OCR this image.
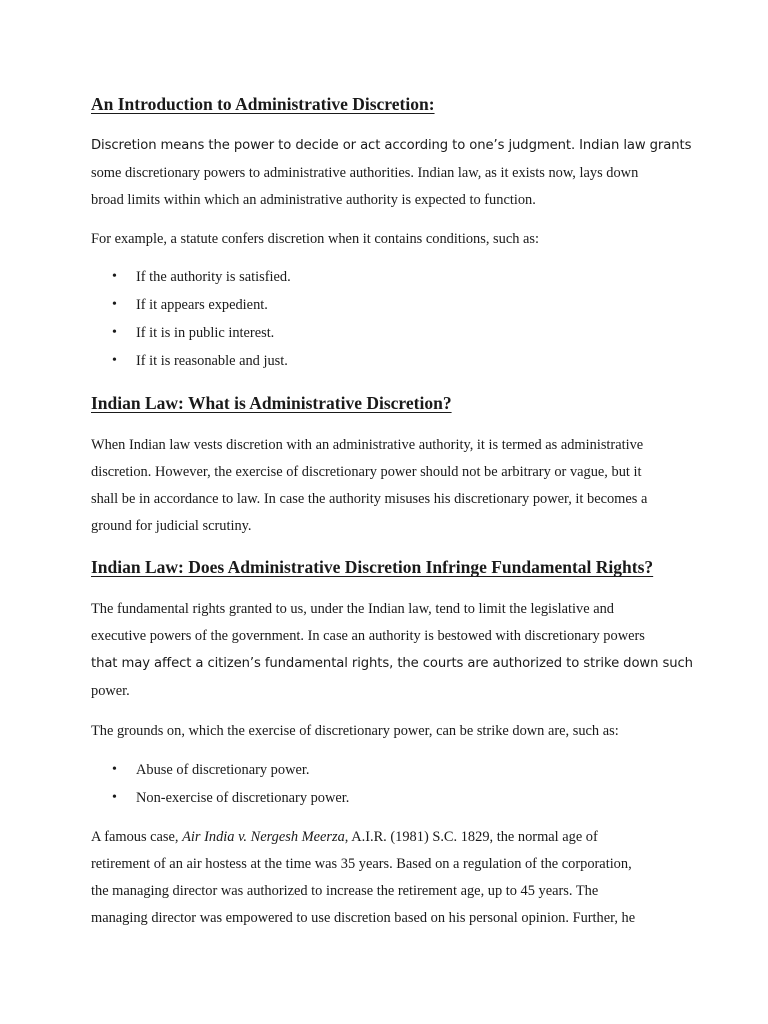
An Introduction to Administrative Discretion:

Discretion means the power to decide or act according to one’s judgment. Indian law grants
some discretionary powers to administrative authorities. Indian law, as it exists now, lays down
broad limits within which an administrative authority is expected to function.

For example, a statute confers discretion when it contains conditions, such as:

• If the authority is satisfied.
• If it appears expedient.
• If it is in public interest.
• If it is reasonable and just.
Indian Law: What is Administrative Discretion?

When Indian law vests discretion with an administrative authority, it is termed as administrative
discretion. However, the exercise of discretionary power should not be arbitrary or vague, but it
shall be in accordance to law. In case the authority misuses his discretionary power, it becomes a
ground for judicial scrutiny.

Indian Law: Does Administrative Discretion Infringe Fundamental Rights?

The fundamental rights granted to us, under the Indian law, tend to limit the legislative and
executive powers of the government. In case an authority is bestowed with discretionary powers
that may affect a citizen’s fundamental rights, the courts are authorized to strike down such
power.

The grounds on, which the exercise of discretionary power, can be strike down are, such as:

• Abuse of discretionary power.
• Non-exercise of discretionary power.

A famous case, Air India v. Nergesh Meerza, A.I.R. (1981) S.C. 1829, the normal age of
retirement of an air hostess at the time was 35 years. Based on a regulation of the corporation,
the managing director was authorized to increase the retirement age, up to 45 years. The
managing director was empowered to use discretion based on his personal opinion. Further, he
